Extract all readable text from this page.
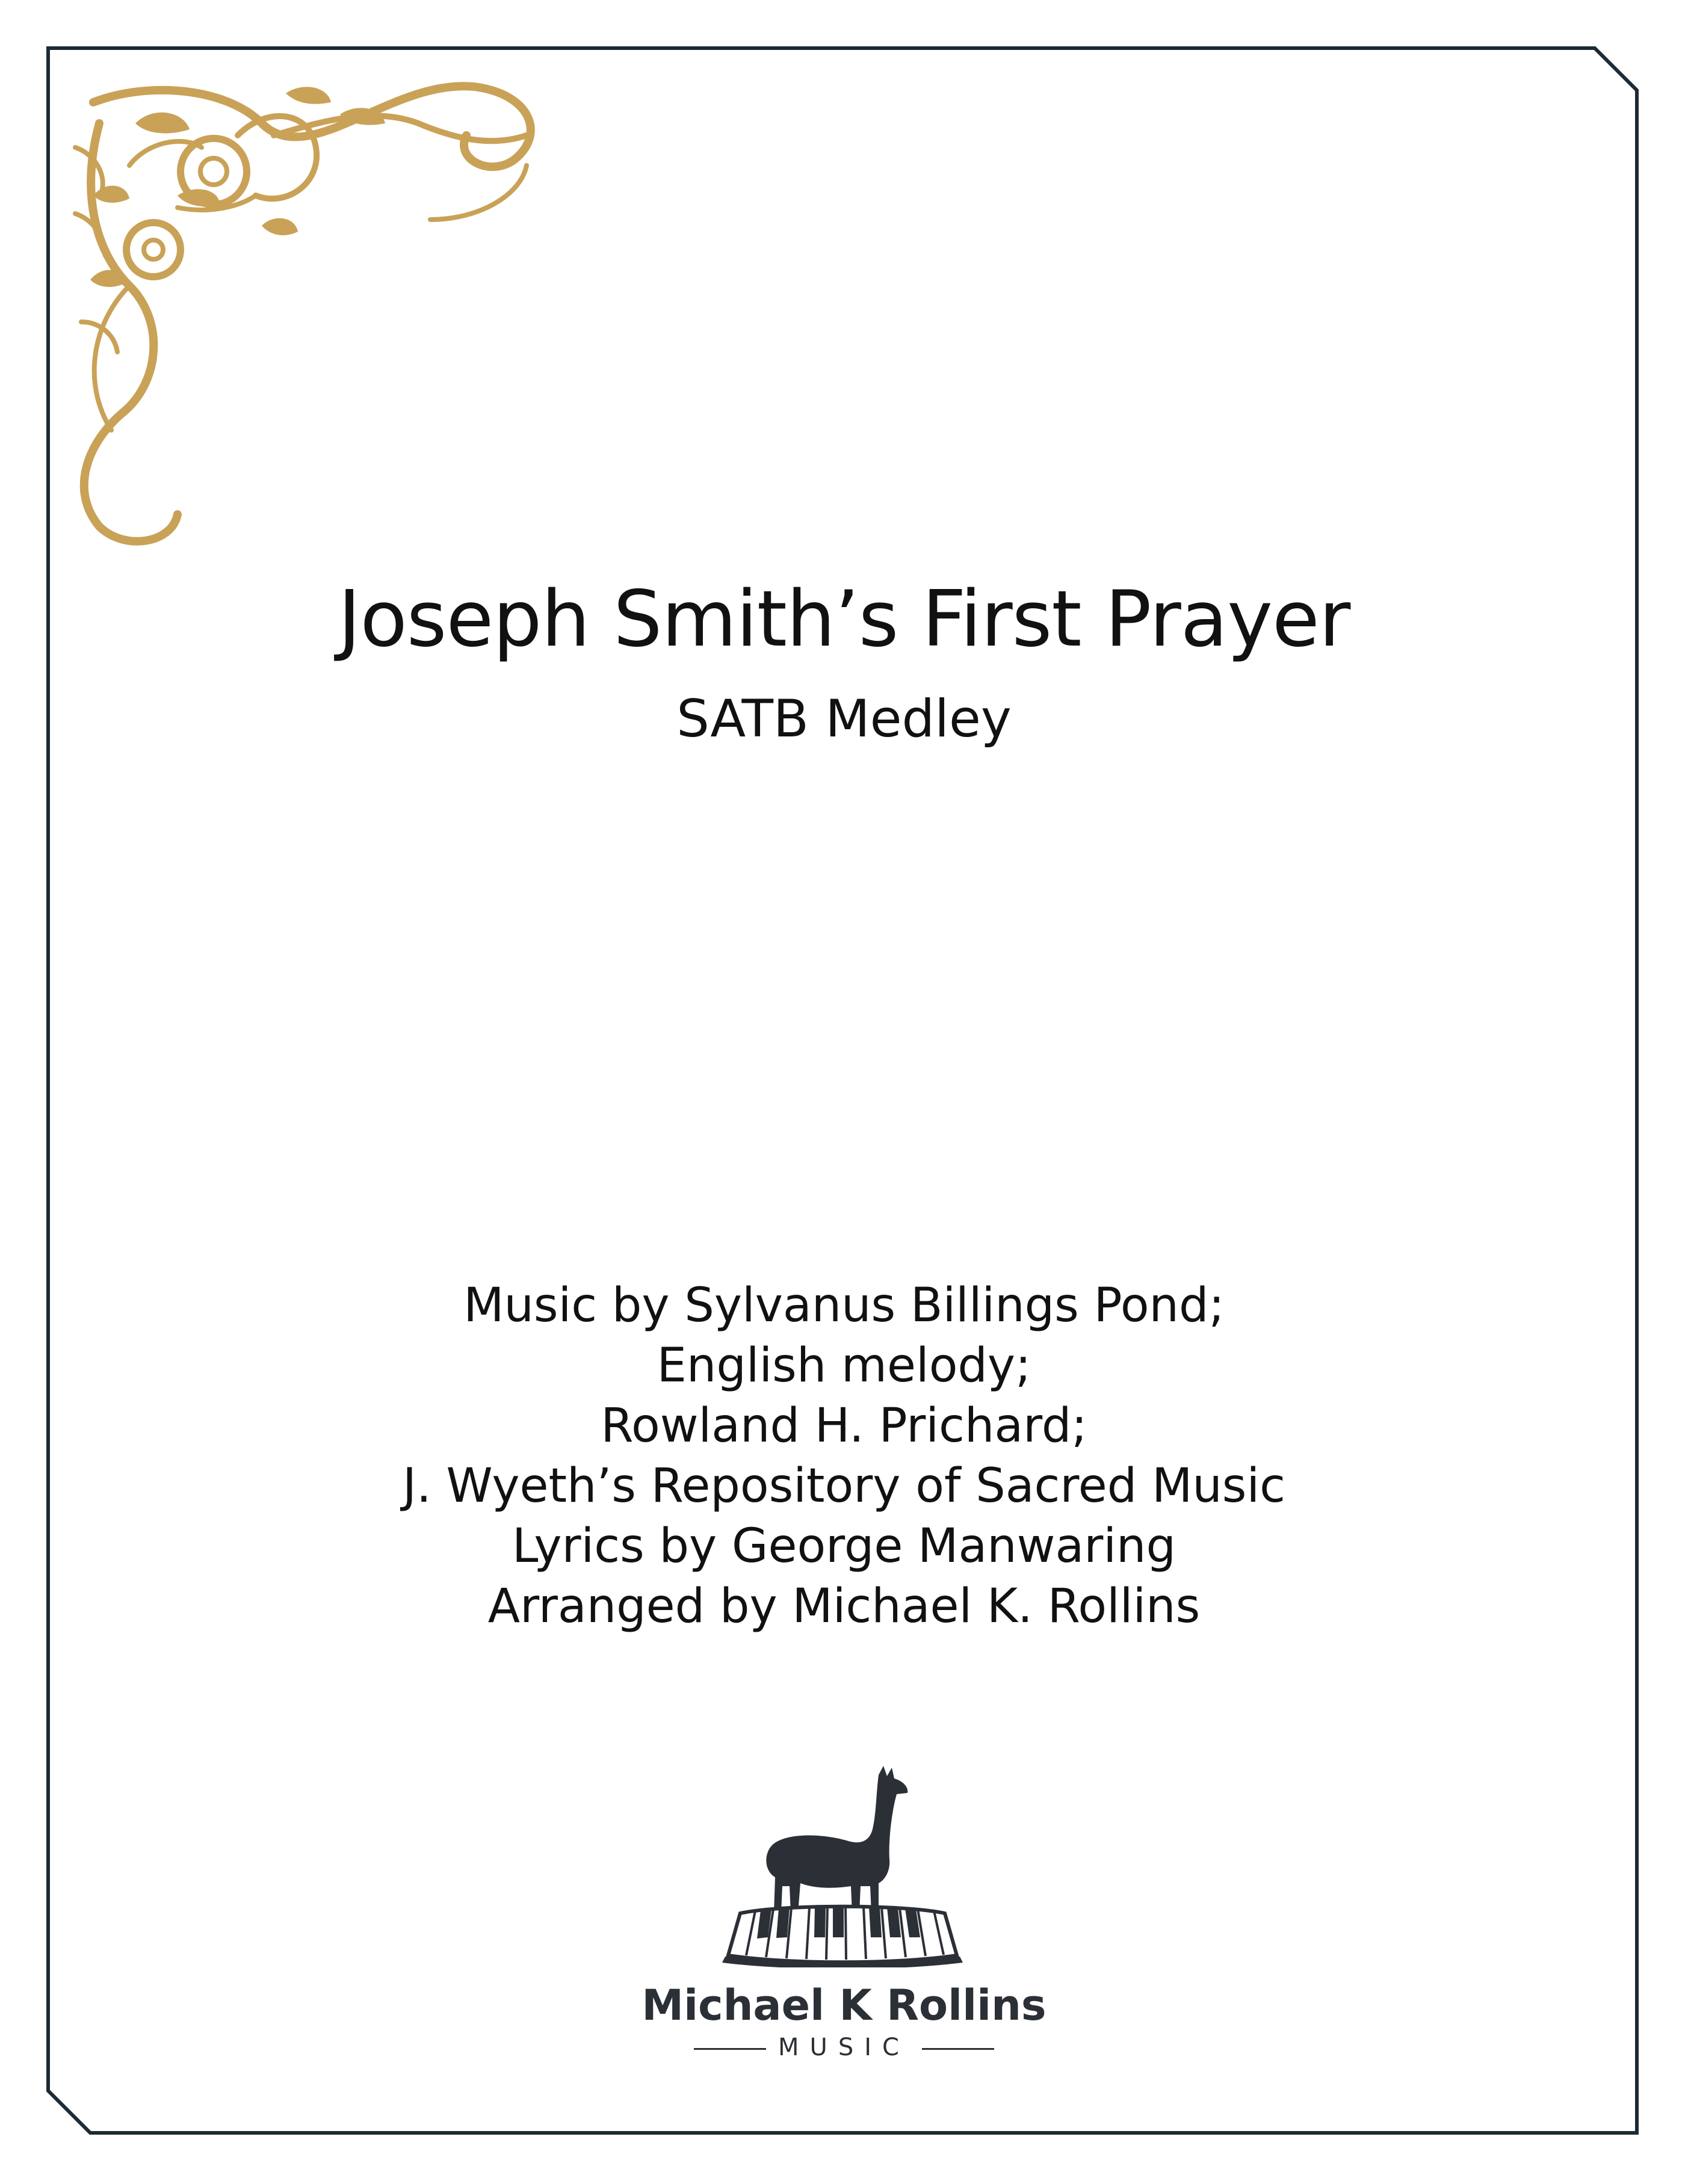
Joseph Smith’s First Prayer
SATB Medley
Music by Sylvanus Billings Pond;
English melody;
Rowland H. Prichard;
J. Wyeth’s Repository of Sacred Music
Lyrics by George Manwaring
Arranged by Michael K. Rollins
Michael K Rollins
MUSIC
